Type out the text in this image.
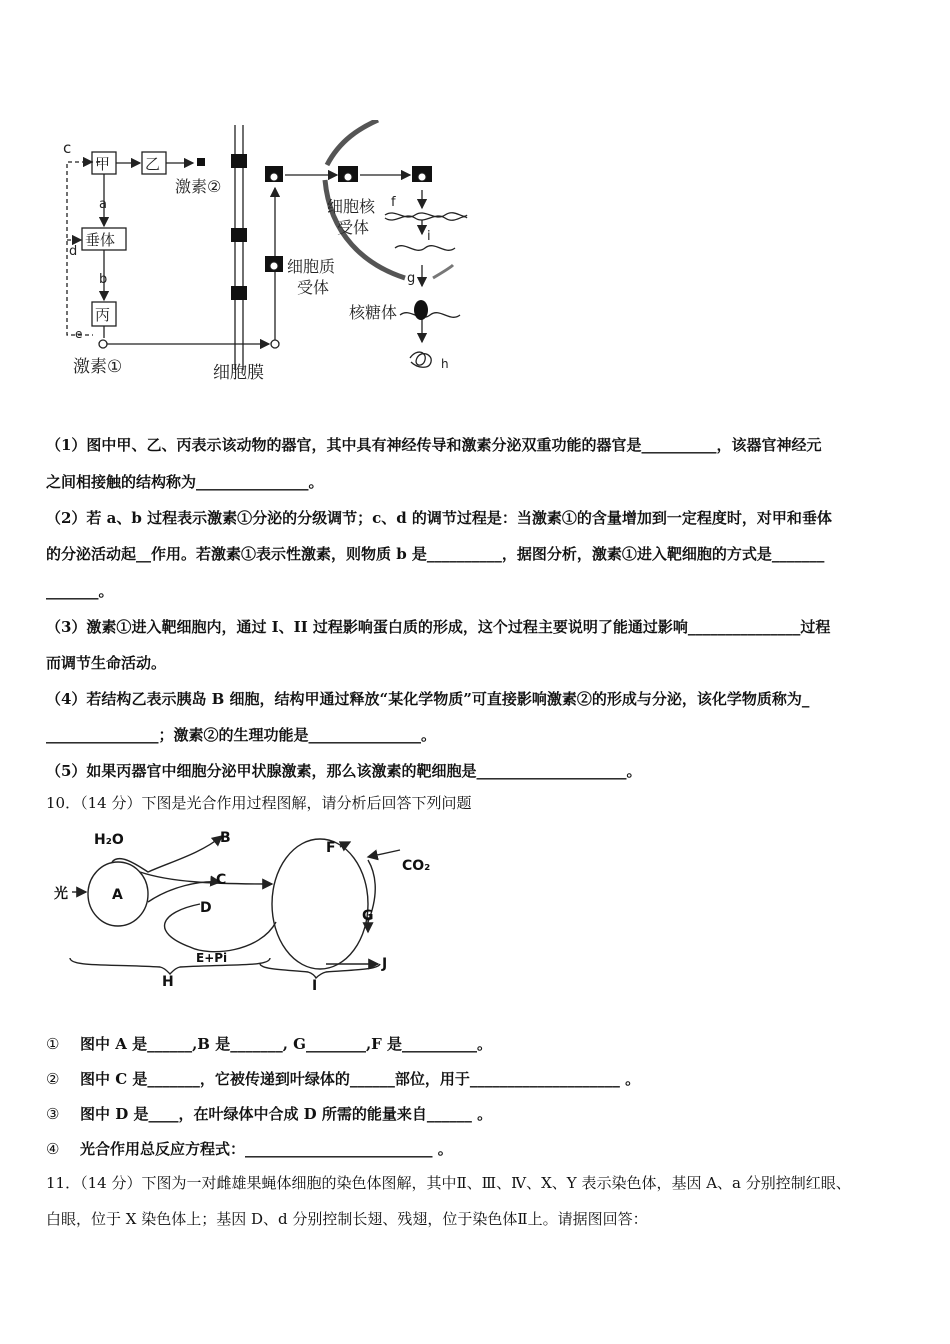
c
甲 乙
激素②
a
垂体
d
b
丙
e
激素①	细胞膜
细胞质
受体
细胞核
受体
f
i
g
核糖体
h
（1）图中甲、乙、丙表示该动物的器官，其中具有神经传导和激素分泌双重功能的器官是__________，该器官神经元
之间相接触的结构称为_______________。
（2）若 a、b 过程表示激素①分泌的分级调节；c、d 的调节过程是：当激素①的含量增加到一定程度时，对甲和垂体
的分泌活动起__作用。若激素①表示性激素，则物质 b 是__________，据图分析，激素①进入靶细胞的方式是_______
_______。
（3）激素①进入靶细胞内，通过 I、II 过程影响蛋白质的形成，这个过程主要说明了能通过影响_______________过程
而调节生命活动。
（4）若结构乙表示胰岛 B 细胞，结构甲通过释放“某化学物质”可直接影响激素②的形成与分泌，该化学物质称为_
_______________；激素②的生理功能是_______________。
（5）如果丙器官中细胞分泌甲状腺激素，那么该激素的靶细胞是____________________。
10．（14 分）下图是光合作用过程图解，请分析后回答下列问题
H₂O	B
光	A
C
D
E+Pi
H
F
CO₂
G
J
I
① 图中 A 是______,B 是_______, G________,F 是__________。
② 图中 C 是_______，它被传递到叶绿体的______部位，用于____________________ 。
③ 图中 D 是____，在叶绿体中合成 D 所需的能量来自______ 。
④ 光合作用总反应方程式：_________________________ 。
11．（14 分）下图为一对雌雄果蝇体细胞的染色体图解，其中Ⅱ、Ⅲ、Ⅳ、X、Y 表示染色体，基因 A、a 分别控制红眼、
白眼，位于 X 染色体上；基因 D、d 分别控制长翅、残翅，位于染色体Ⅱ上。请据图回答：
